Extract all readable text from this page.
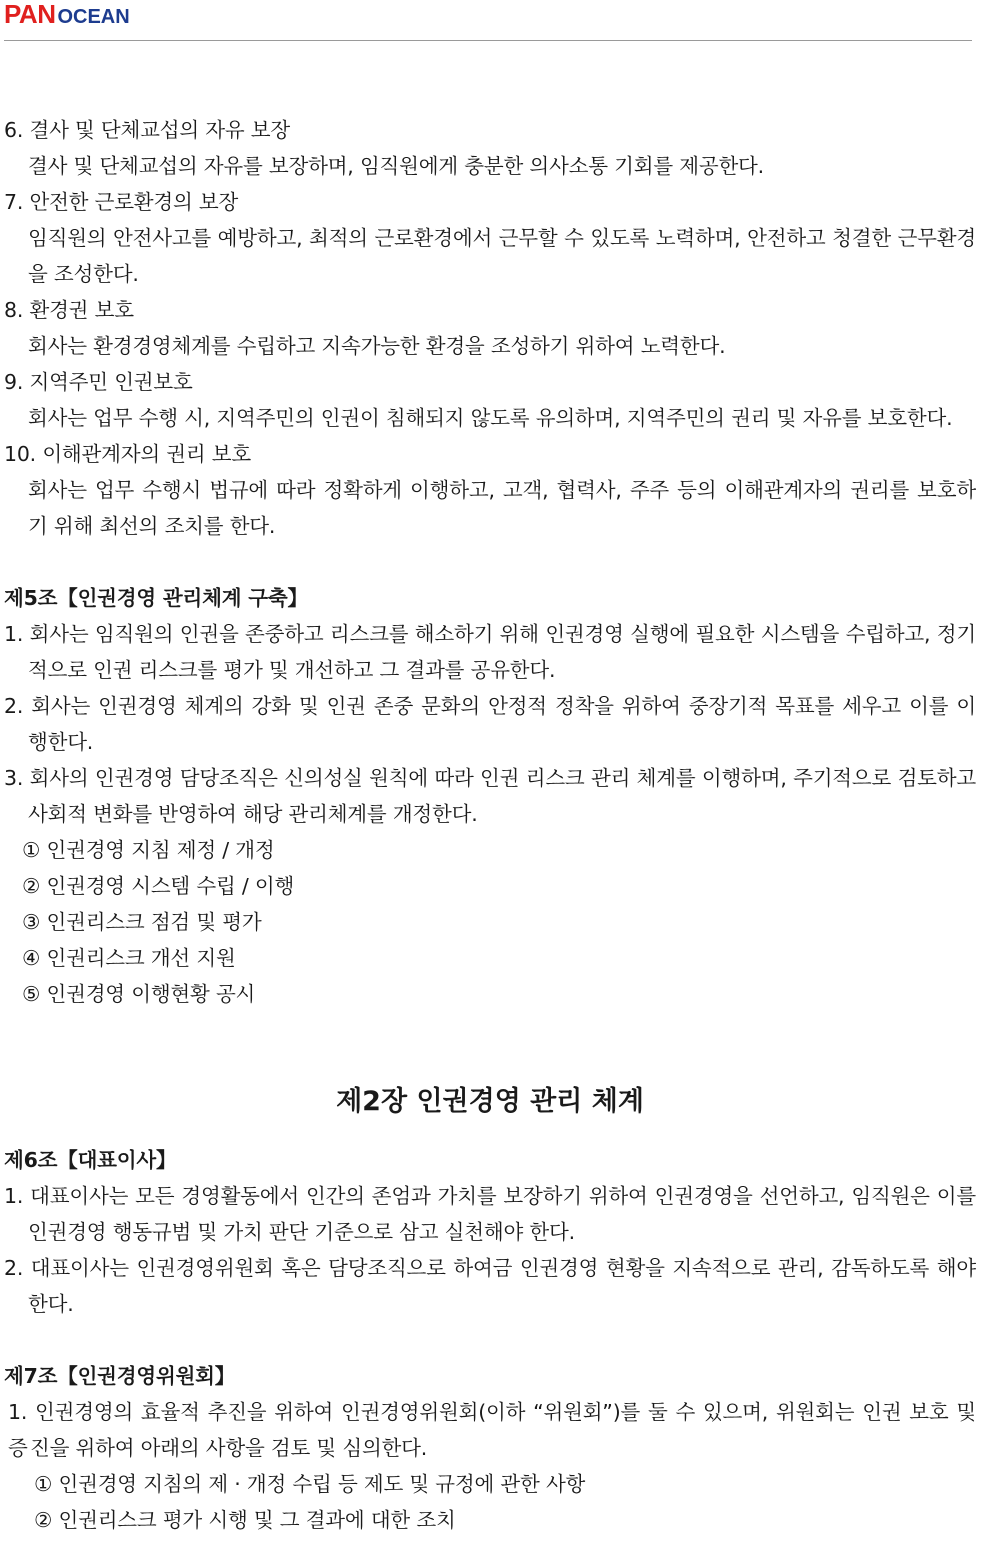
PAN OCEAN
6. 결사 및 단체교섭의 자유 보장
결사 및 단체교섭의 자유를 보장하며, 임직원에게 충분한 의사소통 기회를 제공한다.
7. 안전한 근로환경의 보장
임직원의 안전사고를 예방하고, 최적의 근로환경에서 근무할 수 있도록 노력하며, 안전하고 청결한 근무환경
을 조성한다.
8. 환경권 보호
회사는 환경경영체계를 수립하고 지속가능한 환경을 조성하기 위하여 노력한다.
9. 지역주민 인권보호
회사는 업무 수행 시, 지역주민의 인권이 침해되지 않도록 유의하며, 지역주민의 권리 및 자유를 보호한다.
10. 이해관계자의 권리 보호
회사는 업무 수행시 법규에 따라 정확하게 이행하고, 고객, 협력사, 주주 등의 이해관계자의 권리를 보호하
기 위해 최선의 조치를 한다.
제5조【인권경영 관리체계 구축】
1. 회사는 임직원의 인권을 존중하고 리스크를 해소하기 위해 인권경영 실행에 필요한 시스템을 수립하고, 정기
적으로 인권 리스크를 평가 및 개선하고 그 결과를 공유한다.
2. 회사는 인권경영 체계의 강화 및 인권 존중 문화의 안정적 정착을 위하여 중장기적 목표를 세우고 이를 이
행한다.
3. 회사의 인권경영 담당조직은 신의성실 원칙에 따라 인권 리스크 관리 체계를 이행하며, 주기적으로 검토하고
사회적 변화를 반영하여 해당 관리체계를 개정한다.
① 인권경영 지침 제정 / 개정
② 인권경영 시스템 수립 / 이행
③ 인권리스크 점검 및 평가
④ 인권리스크 개선 지원
⑤ 인권경영 이행현황 공시
제2장 인권경영 관리 체계
제6조【대표이사】
1. 대표이사는 모든 경영활동에서 인간의 존엄과 가치를 보장하기 위하여 인권경영을 선언하고, 임직원은 이를
인권경영 행동규범 및 가치 판단 기준으로 삼고 실천해야 한다.
2. 대표이사는 인권경영위원회 혹은 담당조직으로 하여금 인권경영 현황을 지속적으로 관리, 감독하도록 해야
한다.
제7조【인권경영위원회】
1. 인권경영의 효율적 추진을 위하여 인권경영위원회(이하 “위원회”)를 둘 수 있으며, 위원회는 인권 보호 및 증 진을 위하여 아래의 사항을 검토 및 심의한다.
① 인권경영 지침의 제 · 개정 수립 등 제도 및 규정에 관한 사항
② 인권리스크 평가 시행 및 그 결과에 대한 조치
